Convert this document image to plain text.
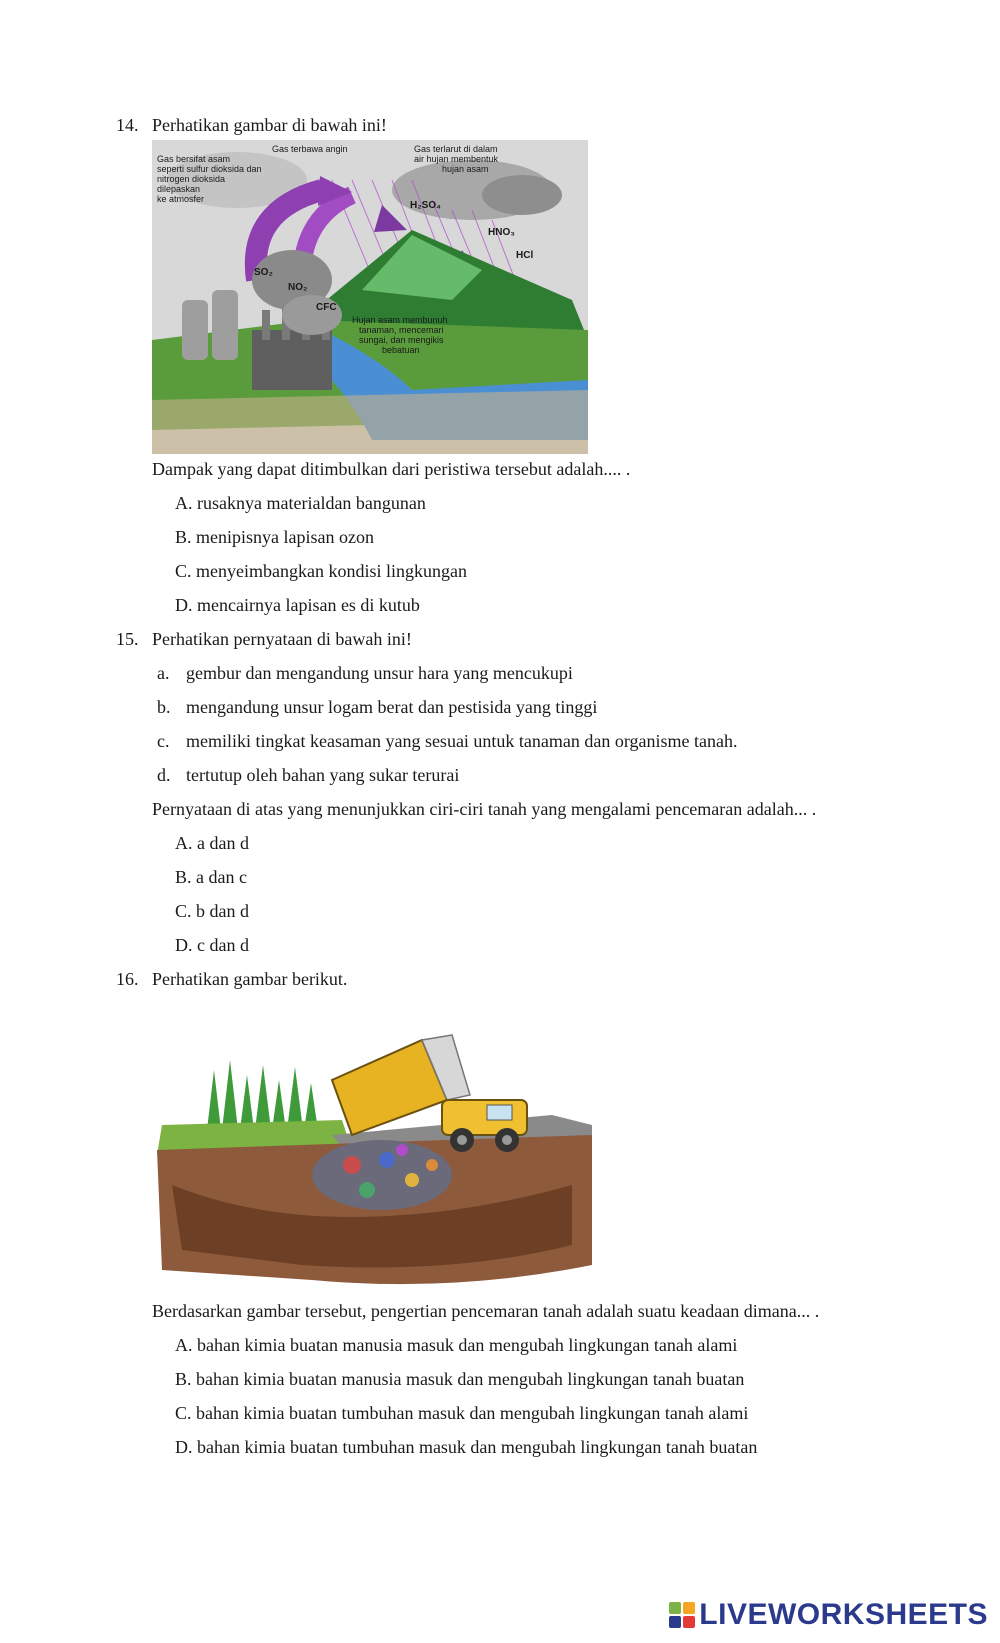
14. Perhatikan gambar di bawah ini!
Gas bersifat asam
seperti sulfur dioksida dan
nitrogen dioksida
dilepaskan
ke atmosfer
Gas terbawa angin	Gas terlarut di dalam
air hujan membentuk
hujan asam
H₂SO₄
HNO₃
HCl
SO₂
NO₂
CFC
Hujan asam membunuh
tanaman, mencemari
sungai, dan mengikis
bebatuan
Dampak yang dapat ditimbulkan dari peristiwa tersebut adalah.... .
A. rusaknya materialdan bangunan
B. menipisnya lapisan ozon
C. menyeimbangkan kondisi lingkungan
D. mencairnya lapisan es di kutub
15. Perhatikan pernyataan di bawah ini!
a. gembur dan mengandung unsur hara yang mencukupi
b. mengandung unsur logam berat dan pestisida yang tinggi
c. memiliki tingkat keasaman yang sesuai untuk tanaman dan organisme tanah.
d. tertutup oleh bahan yang sukar terurai
Pernyataan di atas yang menunjukkan ciri-ciri tanah yang mengalami pencemaran adalah... .
A. a dan d
B. a dan c
C. b dan d
D. c dan d
16. Perhatikan gambar berikut.
Berdasarkan gambar tersebut, pengertian pencemaran tanah adalah suatu keadaan dimana... .
A. bahan kimia buatan manusia masuk dan mengubah lingkungan tanah alami
B. bahan kimia buatan manusia masuk dan mengubah lingkungan tanah buatan
C. bahan kimia buatan tumbuhan masuk dan mengubah lingkungan tanah alami
D. bahan kimia buatan tumbuhan masuk dan mengubah lingkungan tanah buatan
LIVEWORKSHEETS
